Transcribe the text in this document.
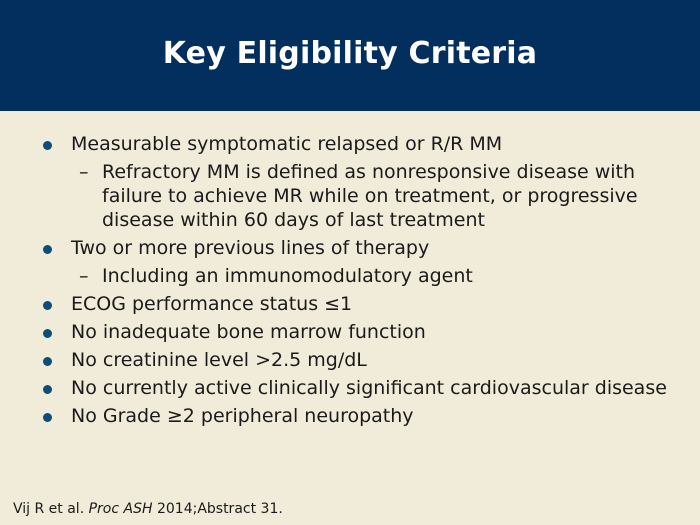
Key Eligibility Criteria
Measurable symptomatic relapsed or R/R MM
– Refractory MM is defined as nonresponsive disease with failure to achieve MR while on treatment, or progressive disease within 60 days of last treatment
Two or more previous lines of therapy
– Including an immunomodulatory agent
ECOG performance status ≤1
No inadequate bone marrow function
No creatinine level >2.5 mg/dL
No currently active clinically significant cardiovascular disease
No Grade ≥2 peripheral neuropathy
Vij R et al. Proc ASH 2014;Abstract 31.
